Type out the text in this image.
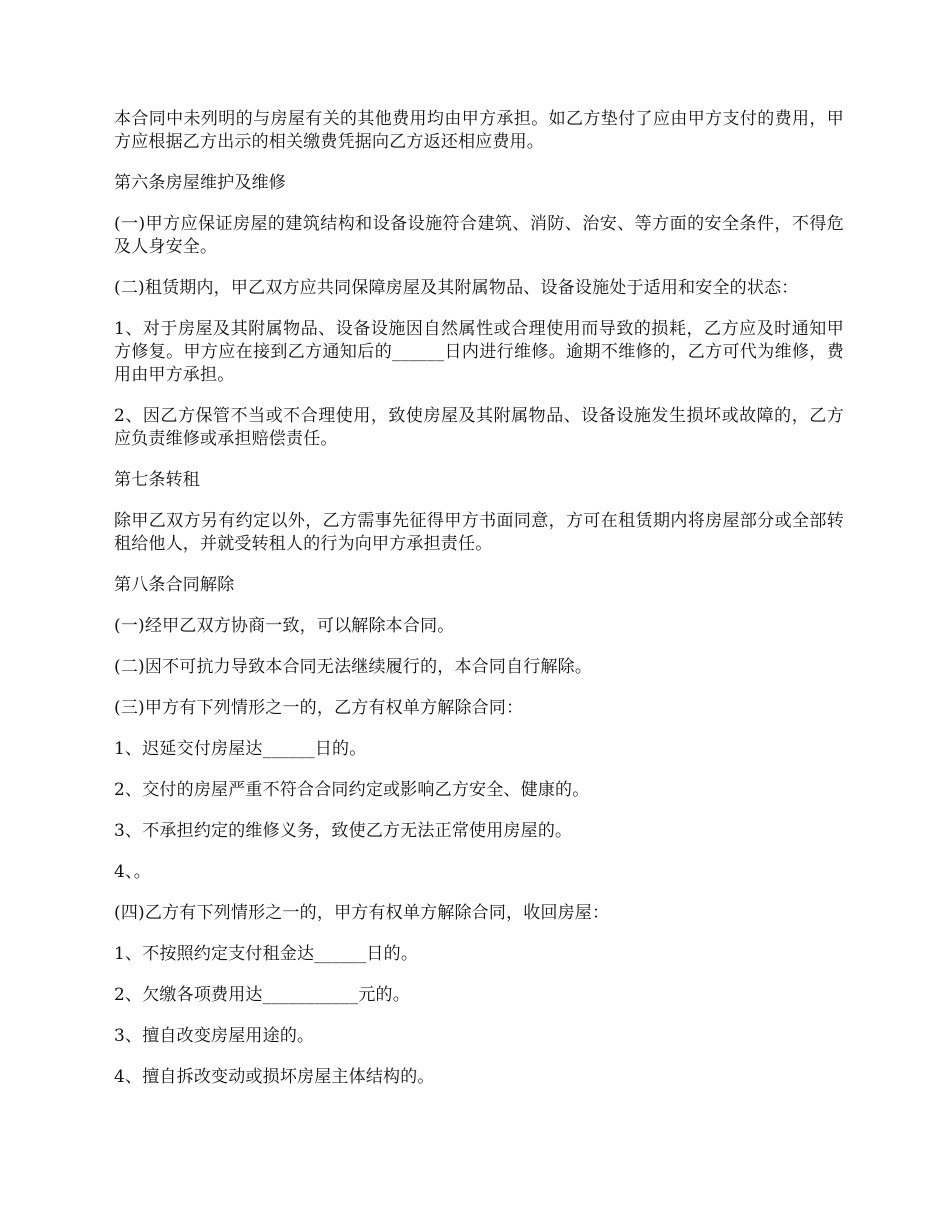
本合同中未列明的与房屋有关的其他费用均由甲方承担。如乙方垫付了应由甲方支付的费用，甲方应根据乙方出示的相关缴费凭据向乙方返还相应费用。

第六条房屋维护及维修

(一)甲方应保证房屋的建筑结构和设备设施符合建筑、消防、治安、等方面的安全条件，不得危及人身安全。

(二)租赁期内，甲乙双方应共同保障房屋及其附属物品、设备设施处于适用和安全的状态：

1、对于房屋及其附属物品、设备设施因自然属性或合理使用而导致的损耗，乙方应及时通知甲方修复。甲方应在接到乙方通知后的______日内进行维修。逾期不维修的，乙方可代为维修，费用由甲方承担。

2、因乙方保管不当或不合理使用，致使房屋及其附属物品、设备设施发生损坏或故障的，乙方应负责维修或承担赔偿责任。

第七条转租

除甲乙双方另有约定以外，乙方需事先征得甲方书面同意，方可在租赁期内将房屋部分或全部转租给他人，并就受转租人的行为向甲方承担责任。

第八条合同解除

(一)经甲乙双方协商一致，可以解除本合同。

(二)因不可抗力导致本合同无法继续履行的，本合同自行解除。

(三)甲方有下列情形之一的，乙方有权单方解除合同：

1、迟延交付房屋达______日的。

2、交付的房屋严重不符合合同约定或影响乙方安全、健康的。

3、不承担约定的维修义务，致使乙方无法正常使用房屋的。

4、。

(四)乙方有下列情形之一的，甲方有权单方解除合同，收回房屋：

1、不按照约定支付租金达______日的。

2、欠缴各项费用达___________元的。

3、擅自改变房屋用途的。

4、擅自拆改变动或损坏房屋主体结构的。
